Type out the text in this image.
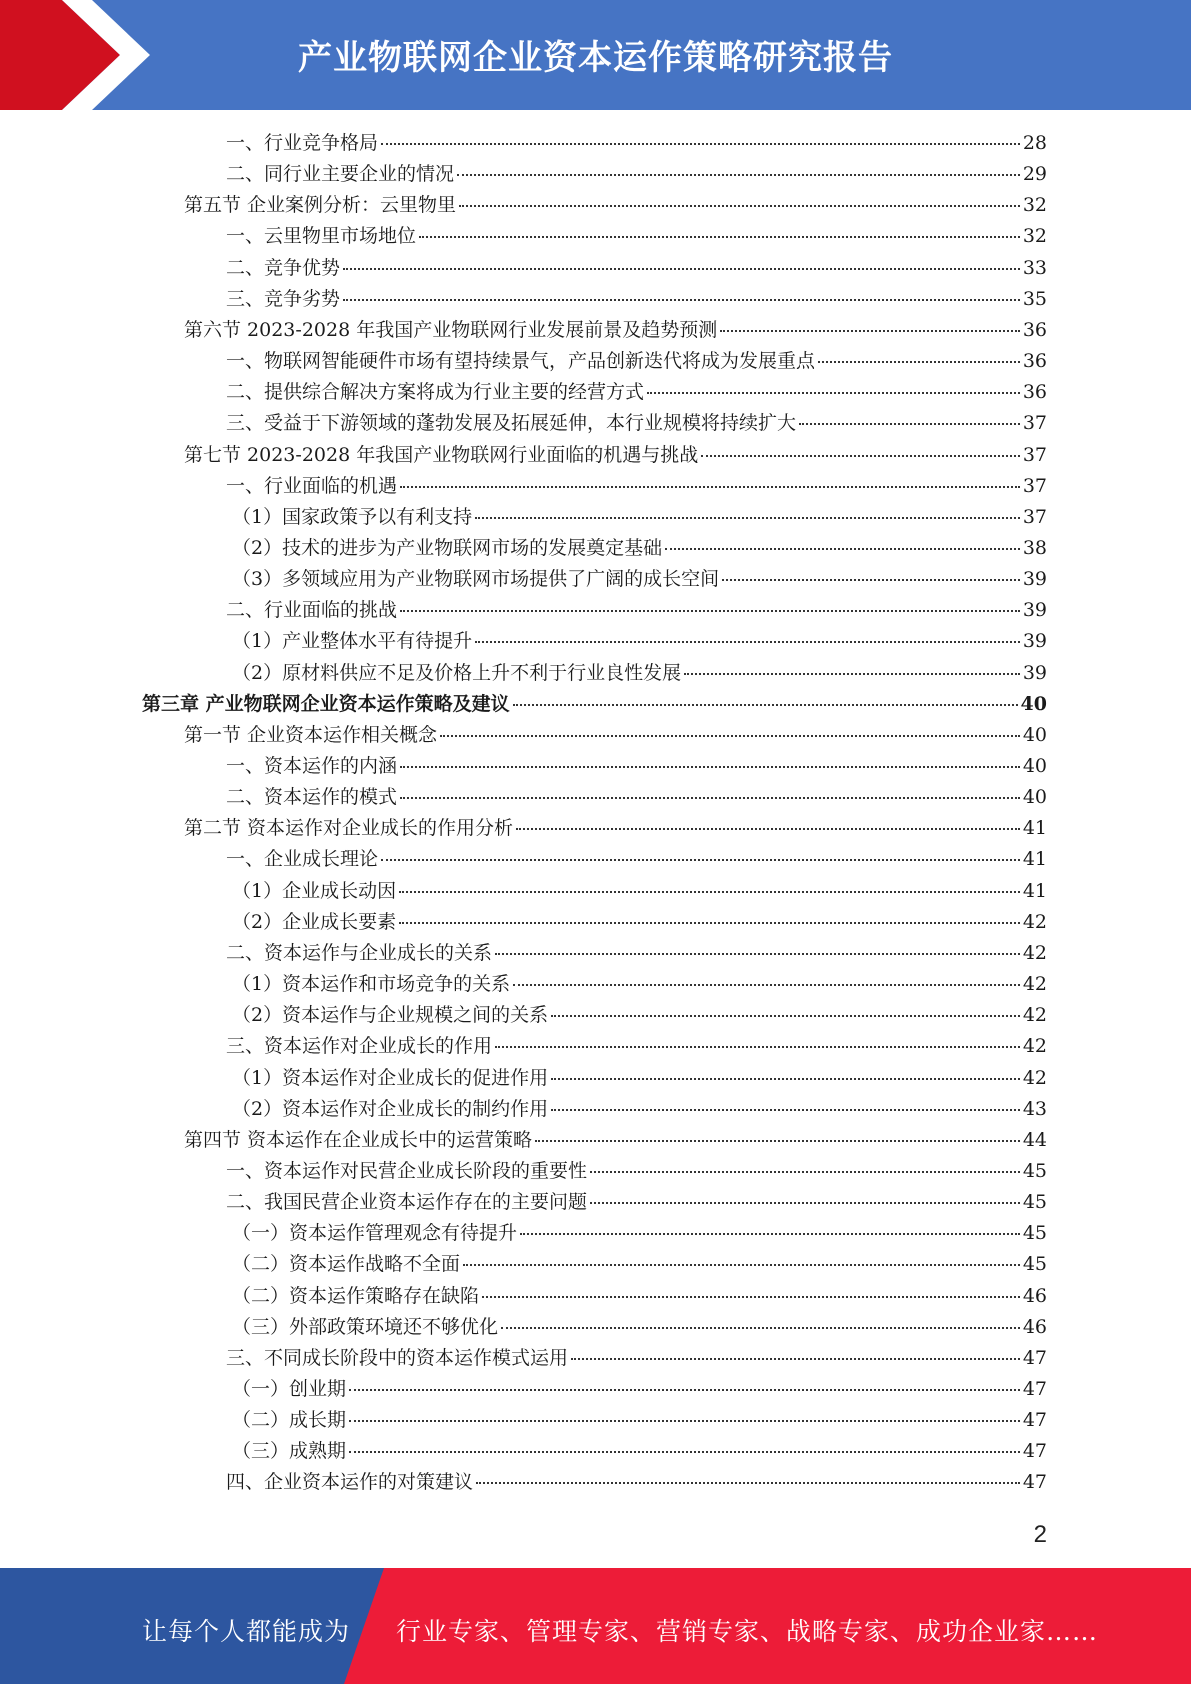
产业物联网企业资本运作策略研究报告
一、行业竞争格局	28
二、同行业主要企业的情况	29
第五节 企业案例分析：云里物里	32
一、云里物里市场地位	32
二、竞争优势	33
三、竞争劣势	35
第六节 2023-2028 年我国产业物联网行业发展前景及趋势预测	36
一、物联网智能硬件市场有望持续景气，产品创新迭代将成为发展重点	36
二、提供综合解决方案将成为行业主要的经营方式	36
三、受益于下游领域的蓬勃发展及拓展延伸，本行业规模将持续扩大	37
第七节 2023-2028 年我国产业物联网行业面临的机遇与挑战	37
一、行业面临的机遇	37
（1）国家政策予以有利支持	37
（2）技术的进步为产业物联网市场的发展奠定基础	38
（3）多领域应用为产业物联网市场提供了广阔的成长空间	39
二、行业面临的挑战	39
（1）产业整体水平有待提升	39
（2）原材料供应不足及价格上升不利于行业良性发展	39
第三章 产业物联网企业资本运作策略及建议	40
第一节 企业资本运作相关概念	40
一、资本运作的内涵	40
二、资本运作的模式	40
第二节 资本运作对企业成长的作用分析	41
一、企业成长理论	41
（1）企业成长动因	41
（2）企业成长要素	42
二、资本运作与企业成长的关系	42
（1）资本运作和市场竞争的关系	42
（2）资本运作与企业规模之间的关系	42
三、资本运作对企业成长的作用	42
（1）资本运作对企业成长的促进作用	42
（2）资本运作对企业成长的制约作用	43
第四节 资本运作在企业成长中的运营策略	44
一、资本运作对民营企业成长阶段的重要性	45
二、我国民营企业资本运作存在的主要问题	45
（一）资本运作管理观念有待提升	45
（二）资本运作战略不全面	45
（二）资本运作策略存在缺陷	46
（三）外部政策环境还不够优化	46
三、不同成长阶段中的资本运作模式运用	47
（一）创业期	47
（二）成长期	47
（三）成熟期	47
四、企业资本运作的对策建议	47
2
让每个人都能成为 行业专家、管理专家、营销专家、战略专家、成功企业家……
